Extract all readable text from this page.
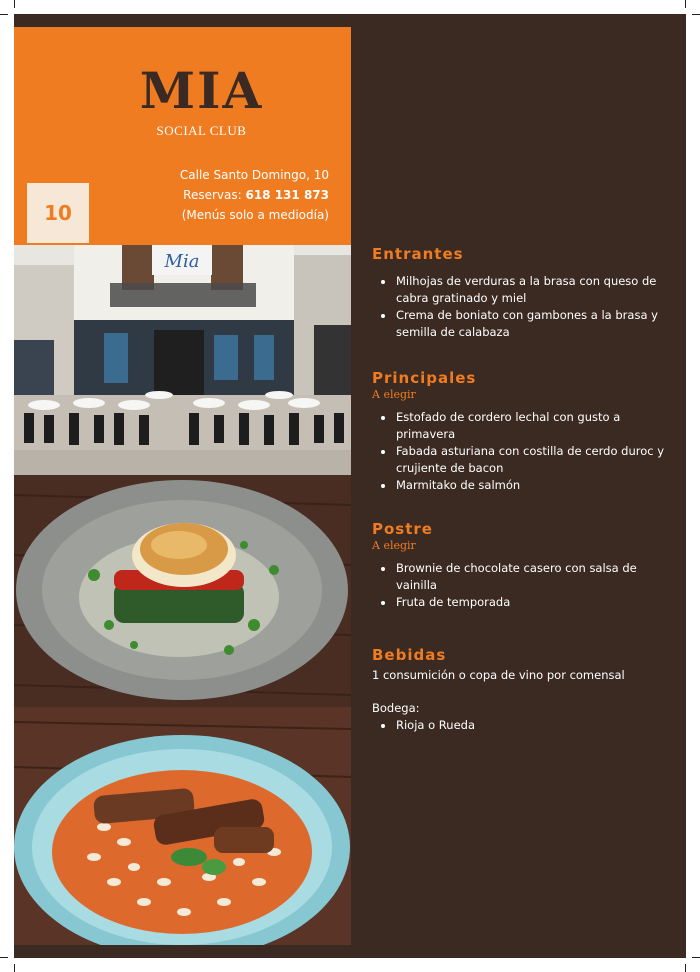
MIA
SOCIAL CLUB
Calle Santo Domingo, 10
Reservas: 618 131 873
(Menús solo a mediodía)
10
Mia	Entrantes
Milhojas de verduras a la brasa con queso de cabra gratinado y miel
Crema de boniato con gambones a la brasa y semilla de calabaza
Principales
A elegir
Estofado de cordero lechal con gusto a primavera
Fabada asturiana con costilla de cerdo duroc y crujiente de bacon
Marmitako de salmón
Postre
A elegir
Brownie de chocolate casero con salsa de vainilla
Fruta de temporada
Bebidas
1 consumición o copa de vino por comensal
Bodega:
Rioja o Rueda
